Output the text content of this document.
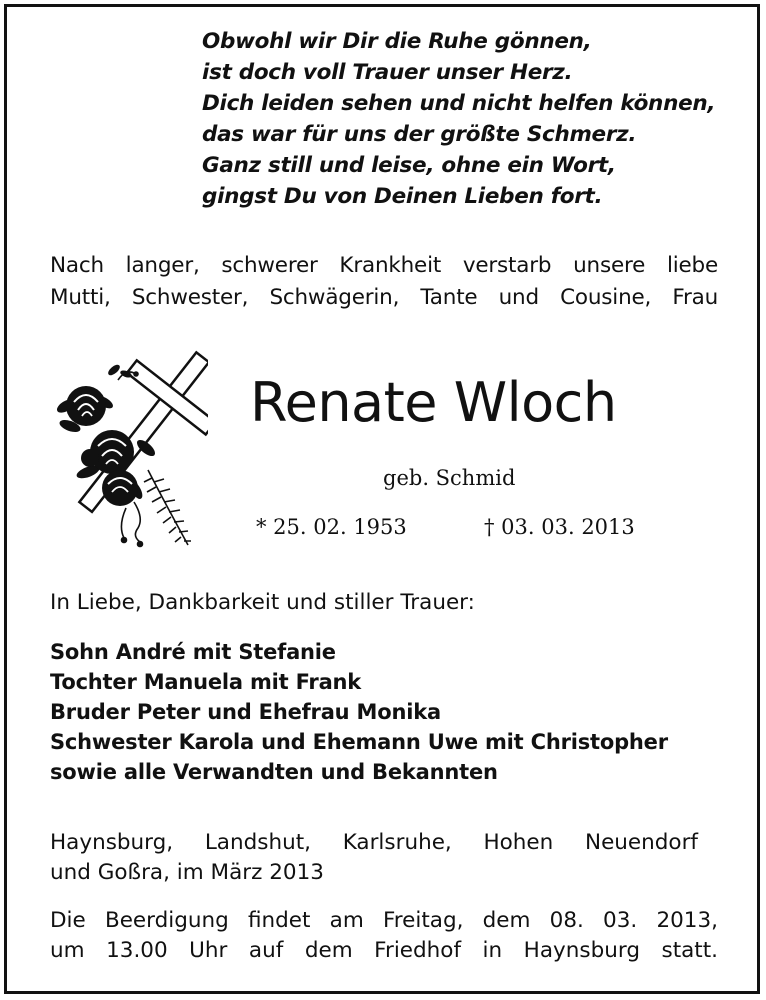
Obwohl wir Dir die Ruhe gönnen,
ist doch voll Trauer unser Herz.
Dich leiden sehen und nicht helfen können,
das war für uns der größte Schmerz.
Ganz still und leise, ohne ein Wort,
gingst Du von Deinen Lieben fort.
Nach langer, schwerer Krankheit verstarb unsere liebe
Mutti, Schwester, Schwägerin, Tante und Cousine, Frau
Renate Wloch
geb. Schmid
* 25. 02. 1953	† 03. 03. 2013
In Liebe, Dankbarkeit und stiller Trauer:
Sohn André mit Stefanie
Tochter Manuela mit Frank
Bruder Peter und Ehefrau Monika
Schwester Karola und Ehemann Uwe mit Christopher
sowie alle Verwandten und Bekannten
Haynsburg, Landshut, Karlsruhe, Hohen Neuendorf
und Goßra, im März 2013
Die Beerdigung findet am Freitag, dem 08. 03. 2013,
um 13.00 Uhr auf dem Friedhof in Haynsburg statt.
